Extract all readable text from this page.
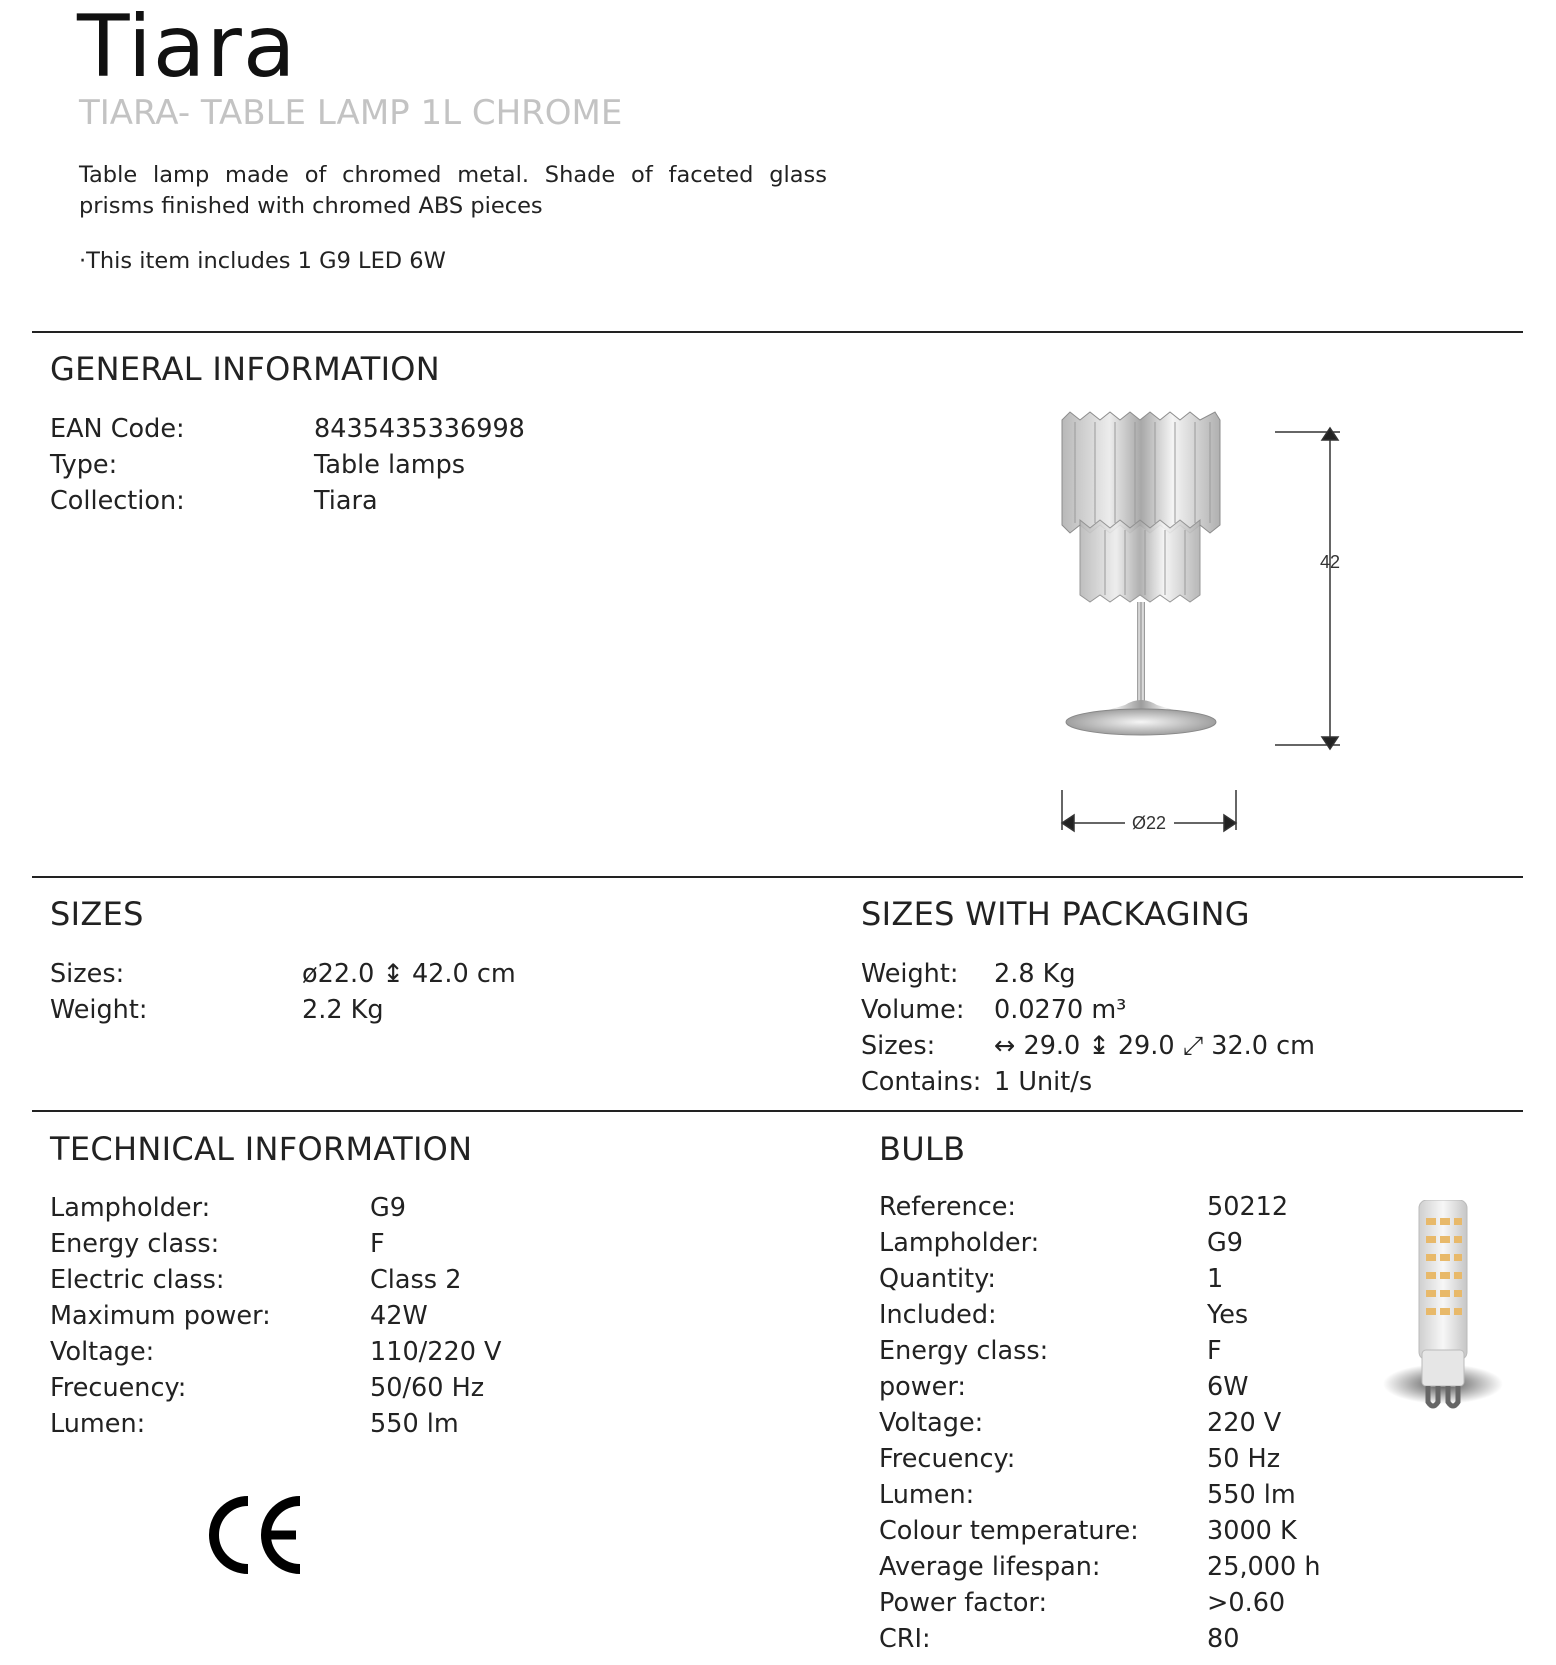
Tiara
TIARA- TABLE LAMP 1L CHROME
Table lamp made of chromed metal. Shade of faceted glass prisms finished with chromed ABS pieces
·This item includes 1 G9 LED 6W
GENERAL INFORMATION
EAN Code:	8435435336998
Type:	Table lamps
Collection:	Tiara
42
Ø22
SIZES
Sizes:	ø22.0 ↨ 42.0 cm
Weight:	2.2 Kg
SIZES WITH PACKAGING
Weight: 2.8 Kg
Volume: 0.0270 m³
Sizes: ↔ 29.0 ↨ 29.0 ⤢ 32.0 cm
Contains: 1 Unit/s
TECHNICAL INFORMATION
Lampholder:	G9
Energy class:	F
Electric class:	Class 2
Maximum power:	42W
Voltage:	110/220 V
Frecuency:	50/60 Hz
Lumen:	550 lm
CE
BULB
Reference:	50212
Lampholder:	G9
Quantity:	1
Included:	Yes
Energy class:	F
power:	6W
Voltage:	220 V
Frecuency:	50 Hz
Lumen:	550 lm
Colour temperature:	3000 K
Average lifespan:	25,000 h
Power factor:	>0.60
CRI:	80
